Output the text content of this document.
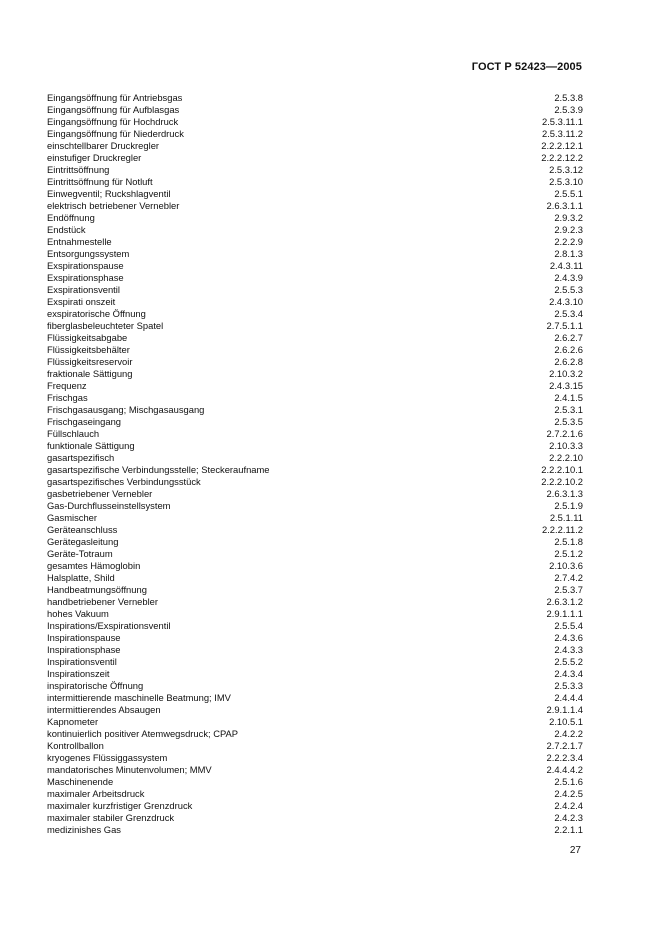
ГОСТ Р 52423—2005
Eingangsöffnung für Antriebsgas	2.5.3.8
Eingangsöffnung für Aufblasgas	2.5.3.9
Eingangsöffnung für Hochdruck	2.5.3.11.1
Eingangsöffnung für Niederdruck	2.5.3.11.2
einschtellbarer Druckregler	2.2.2.12.1
einstufiger Druckregler	2.2.2.12.2
Eintrittsöffnung	2.5.3.12
Eintrittsöffnung für Notluft	2.5.3.10
Einwegventil; Ruckshlagventil	2.5.5.1
elektrisch betriebener Vernebler	2.6.3.1.1
Endöffnung	2.9.3.2
Endstück	2.9.2.3
Entnahmestelle	2.2.2.9
Entsorgungssystem	2.8.1.3
Exspirationspause	2.4.3.11
Exspirationsphase	2.4.3.9
Exspirationsventil	2.5.5.3
Exspirati onszeit	2.4.3.10
exspiratorische Öffnung	2.5.3.4
fiberglasbeleuchteter Spatel	2.7.5.1.1
Flüssigkeitsabgabe	2.6.2.7
Flüssigkeitsbehälter	2.6.2.6
Flüssigkeitsreservoir	2.6.2.8
fraktionale Sättigung	2.10.3.2
Frequenz	2.4.3.15
Frischgas	2.4.1.5
Frischgasausgang; Mischgasausgang	2.5.3.1
Frischgaseingang	2.5.3.5
Füllschlauch	2.7.2.1.6
funktionale Sättigung	2.10.3.3
gasartspezifisch	2.2.2.10
gasartspezifische Verbindungsstelle; Steckeraufname	2.2.2.10.1
gasartspezifisches Verbindungsstück	2.2.2.10.2
gasbetriebener Vernebler	2.6.3.1.3
Gas-Durchflusseinstellsystem	2.5.1.9
Gasmischer	2.5.1.11
Geräteanschluss	2.2.2.11.2
Gerätegasleitung	2.5.1.8
Geräte-Totraum	2.5.1.2
gesamtes Hämoglobin	2.10.3.6
Halsplatte, Shild	2.7.4.2
Handbeatmungsöffnung	2.5.3.7
handbetriebener Vernebler	2.6.3.1.2
hohes Vakuum	2.9.1.1.1
Inspirations/Exspirationsventil	2.5.5.4
Inspirationspause	2.4.3.6
Inspirationsphase	2.4.3.3
Inspirationsventil	2.5.5.2
Inspirationszeit	2.4.3.4
inspiratorische Öffnung	2.5.3.3
intermittierende maschinelle Beatmung; IMV	2.4.4.4
intermittierendes Absaugen	2.9.1.1.4
Kapnometer	2.10.5.1
kontinuierlich positiver Atemwegsdruck; CPAP	2.4.2.2
Kontrollballon	2.7.2.1.7
kryogenes Flüssiggassystem	2.2.2.3.4
mandatorisches Minutenvolumen; MMV	2.4.4.4.2
Maschinenende	2.5.1.6
maximaler Arbeitsdruck	2.4.2.5
maximaler kurzfristiger Grenzdruck	2.4.2.4
maximaler stabiler Grenzdruck	2.4.2.3
medizinishes Gas	2.2.1.1
27
